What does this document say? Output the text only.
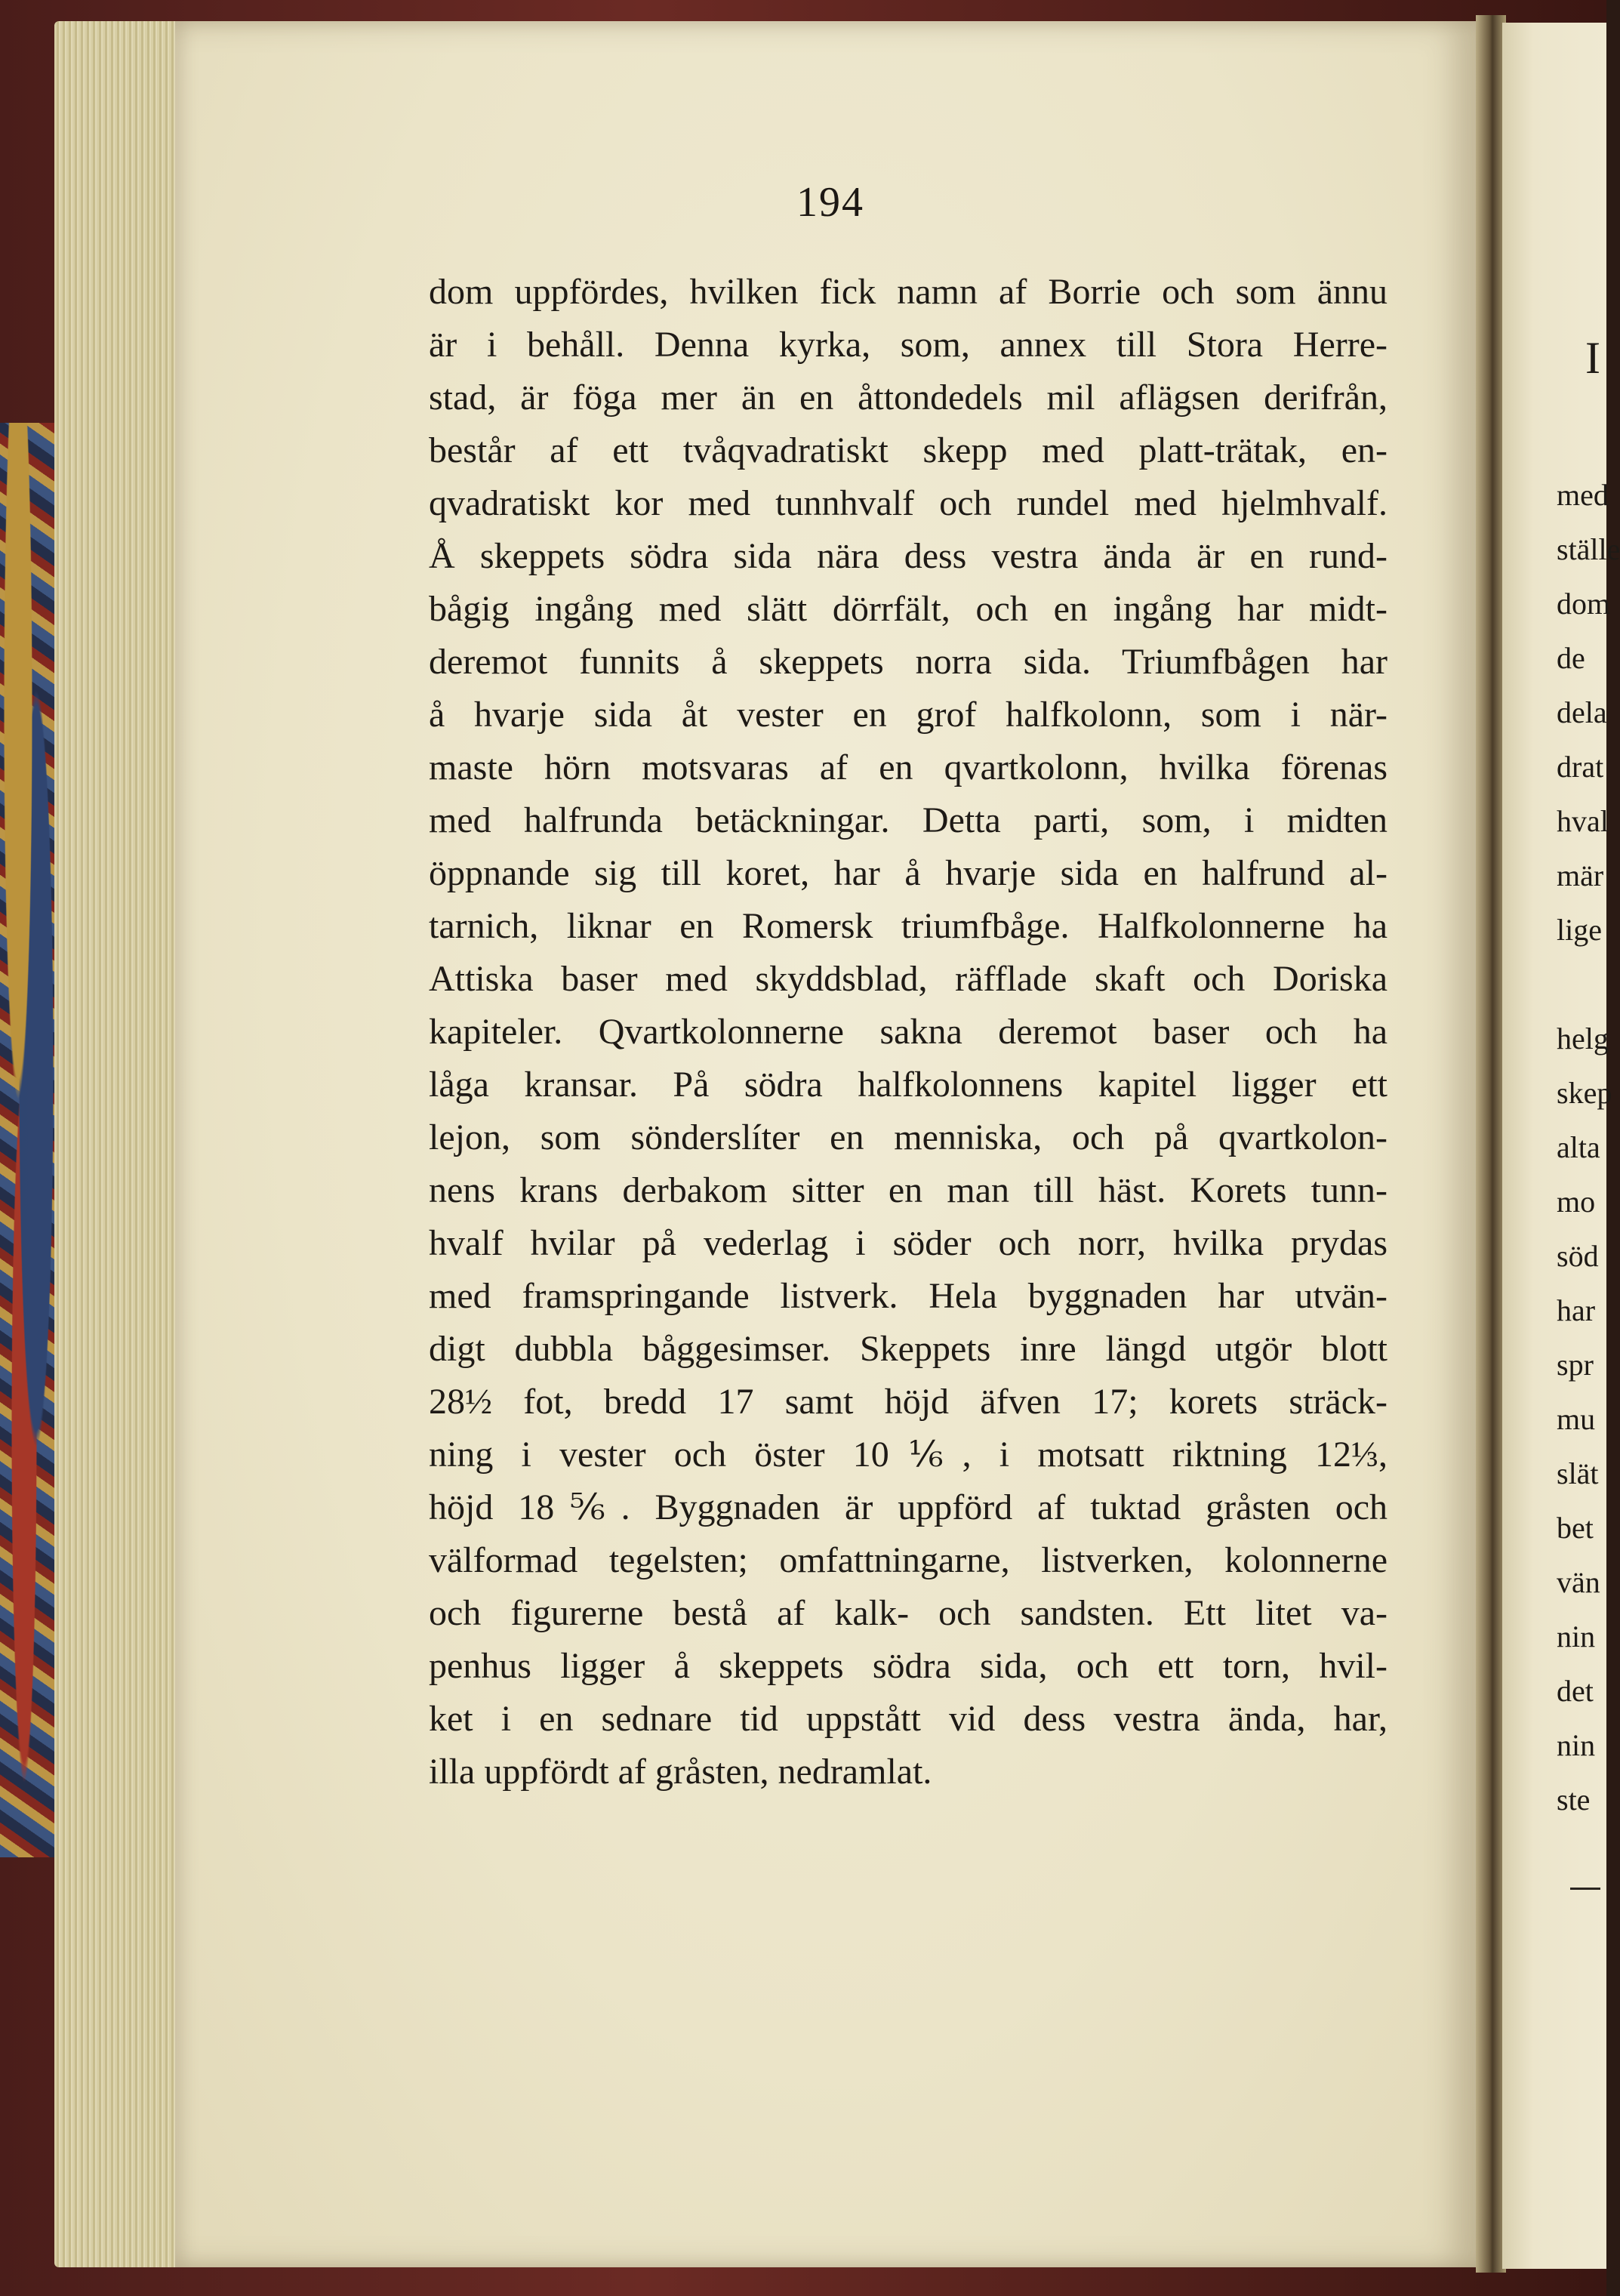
194
dom uppfördes, hvilken fick namn af Borrie och som ännu
är i behåll. Denna kyrka, som, annex till Stora Herre-
stad, är föga mer än en åttondedels mil aflägsen derifrån,
består af ett tvåqvadratiskt skepp med platt-trätak, en-
qvadratiskt kor med tunnhvalf och rundel med hjelmhvalf.
Å skeppets södra sida nära dess vestra ända är en rund-
bågig ingång med slätt dörrfält, och en ingång har midt-
deremot funnits å skeppets norra sida. Triumfbågen har
å hvarje sida åt vester en grof halfkolonn, som i när-
maste hörn motsvaras af en qvartkolonn, hvilka förenas
med halfrunda betäckningar. Detta parti, som, i midten
öppnande sig till koret, har å hvarje sida en halfrund al-
tarnich, liknar en Romersk triumfbåge. Halfkolonnerne ha
Attiska baser med skyddsblad, räfflade skaft och Doriska
kapiteler. Qvartkolonnerne sakna deremot baser och ha
låga kransar. På södra halfkolonnens kapitel ligger ett
lejon, som sönderslíter en menniska, och på qvartkolon-
nens krans derbakom sitter en man till häst. Korets tunn-
hvalf hvilar på vederlag i söder och norr, hvilka prydas
med framspringande listverk. Hela byggnaden har utvän-
digt dubbla båggesimser. Skeppets inre längd utgör blott
28½ fot, bredd 17 samt höjd äfven 17; korets sträck-
ning i vester och öster 10⅙, i motsatt riktning 12⅓,
höjd 18⅚. Byggnaden är uppförd af tuktad gråsten och
välformad tegelsten; omfattningarne, listverken, kolonnerne
och figurerne bestå af kalk- och sandsten. Ett litet va-
penhus ligger å skeppets södra sida, och ett torn, hvil-
ket i en sednare tid uppstått vid dess vestra ända, har,
illa uppfördt af gråsten, nedramlat.
I
med
ställe
dom
de
dela
drat
hval
mär
lige
helg
skep
alta
mo
söd
har
spr
mu
slät
bet
vän
nin
det
nin
ste
